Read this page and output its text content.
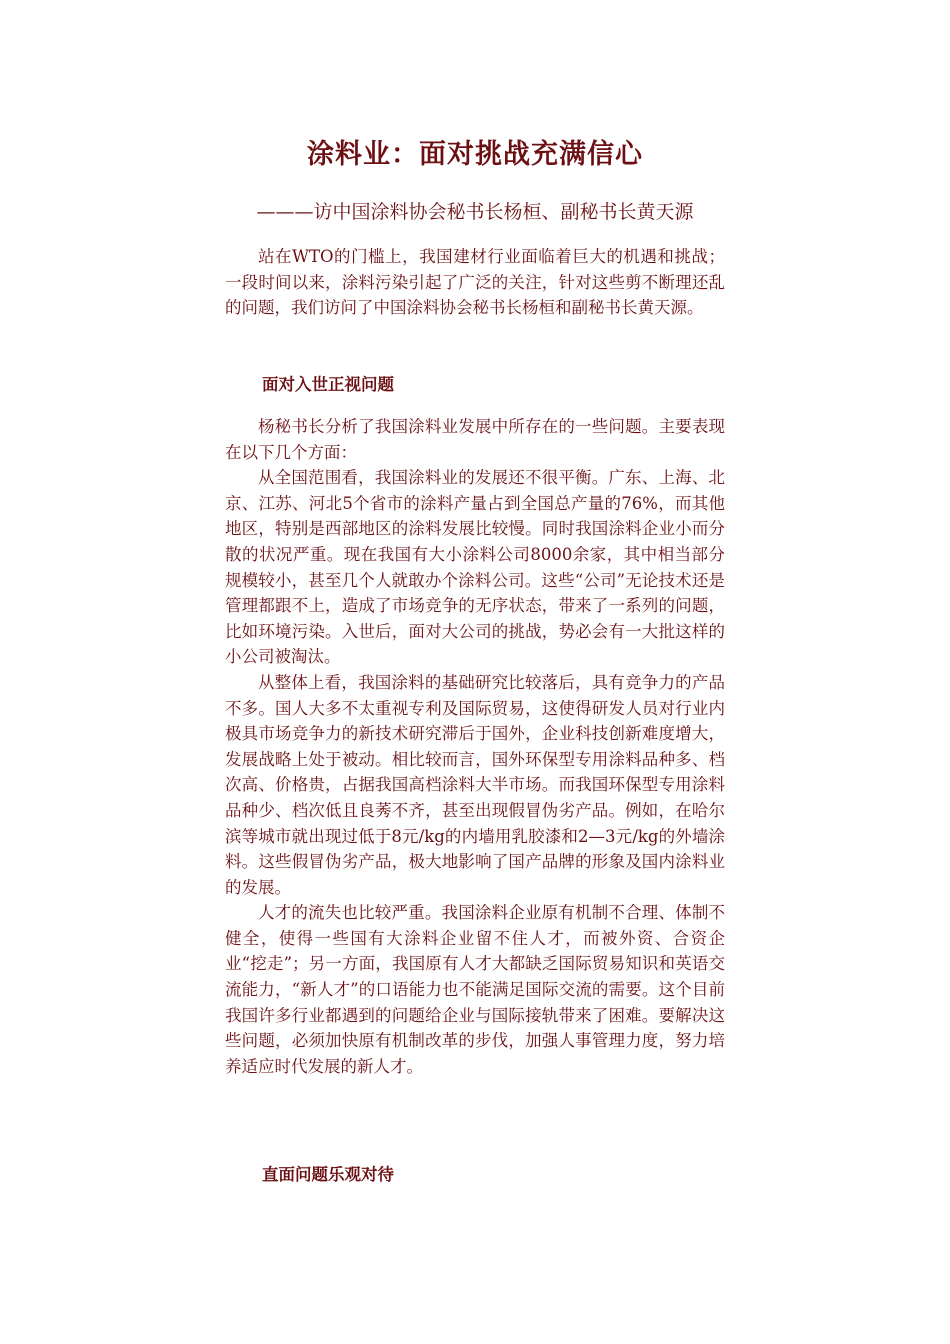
涂料业：面对挑战充满信心
———访中国涂料协会秘书长杨桓、副秘书长黄天源

站在WTO的门槛上，我国建材行业面临着巨大的机遇和挑战；一段时间以来，涂料污染引起了广泛的关注，针对这些剪不断理还乱的问题，我们访问了中国涂料协会秘书长杨桓和副秘书长黄天源。

面对入世正视问题

杨秘书长分析了我国涂料业发展中所存在的一些问题。主要表现在以下几个方面：

从全国范围看，我国涂料业的发展还不很平衡。广东、上海、北京、江苏、河北5个省市的涂料产量占到全国总产量的76%，而其他地区，特别是西部地区的涂料发展比较慢。同时我国涂料企业小而分散的状况严重。现在我国有大小涂料公司8000余家，其中相当部分规模较小，甚至几个人就敢办个涂料公司。这些“公司”无论技术还是管理都跟不上，造成了市场竞争的无序状态，带来了一系列的问题，比如环境污染。入世后，面对大公司的挑战，势必会有一大批这样的小公司被淘汰。

从整体上看，我国涂料的基础研究比较落后，具有竞争力的产品不多。国人大多不太重视专利及国际贸易，这使得研发人员对行业内极具市场竞争力的新技术研究滞后于国外，企业科技创新难度增大，发展战略上处于被动。相比较而言，国外环保型专用涂料品种多、档次高、价格贵，占据我国高档涂料大半市场。而我国环保型专用涂料品种少、档次低且良莠不齐，甚至出现假冒伪劣产品。例如，在哈尔滨等城市就出现过低于8元/kg的内墙用乳胶漆和2—3元/kg的外墙涂料。这些假冒伪劣产品，极大地影响了国产品牌的形象及国内涂料业的发展。

人才的流失也比较严重。我国涂料企业原有机制不合理、体制不健全，使得一些国有大涂料企业留不住人才，而被外资、合资企业“挖走”；另一方面，我国原有人才大都缺乏国际贸易知识和英语交流能力，“新人才”的口语能力也不能满足国际交流的需要。这个目前我国许多行业都遇到的问题给企业与国际接轨带来了困难。要解决这些问题，必须加快原有机制改革的步伐，加强人事管理力度，努力培养适应时代发展的新人才。

直面问题乐观对待
